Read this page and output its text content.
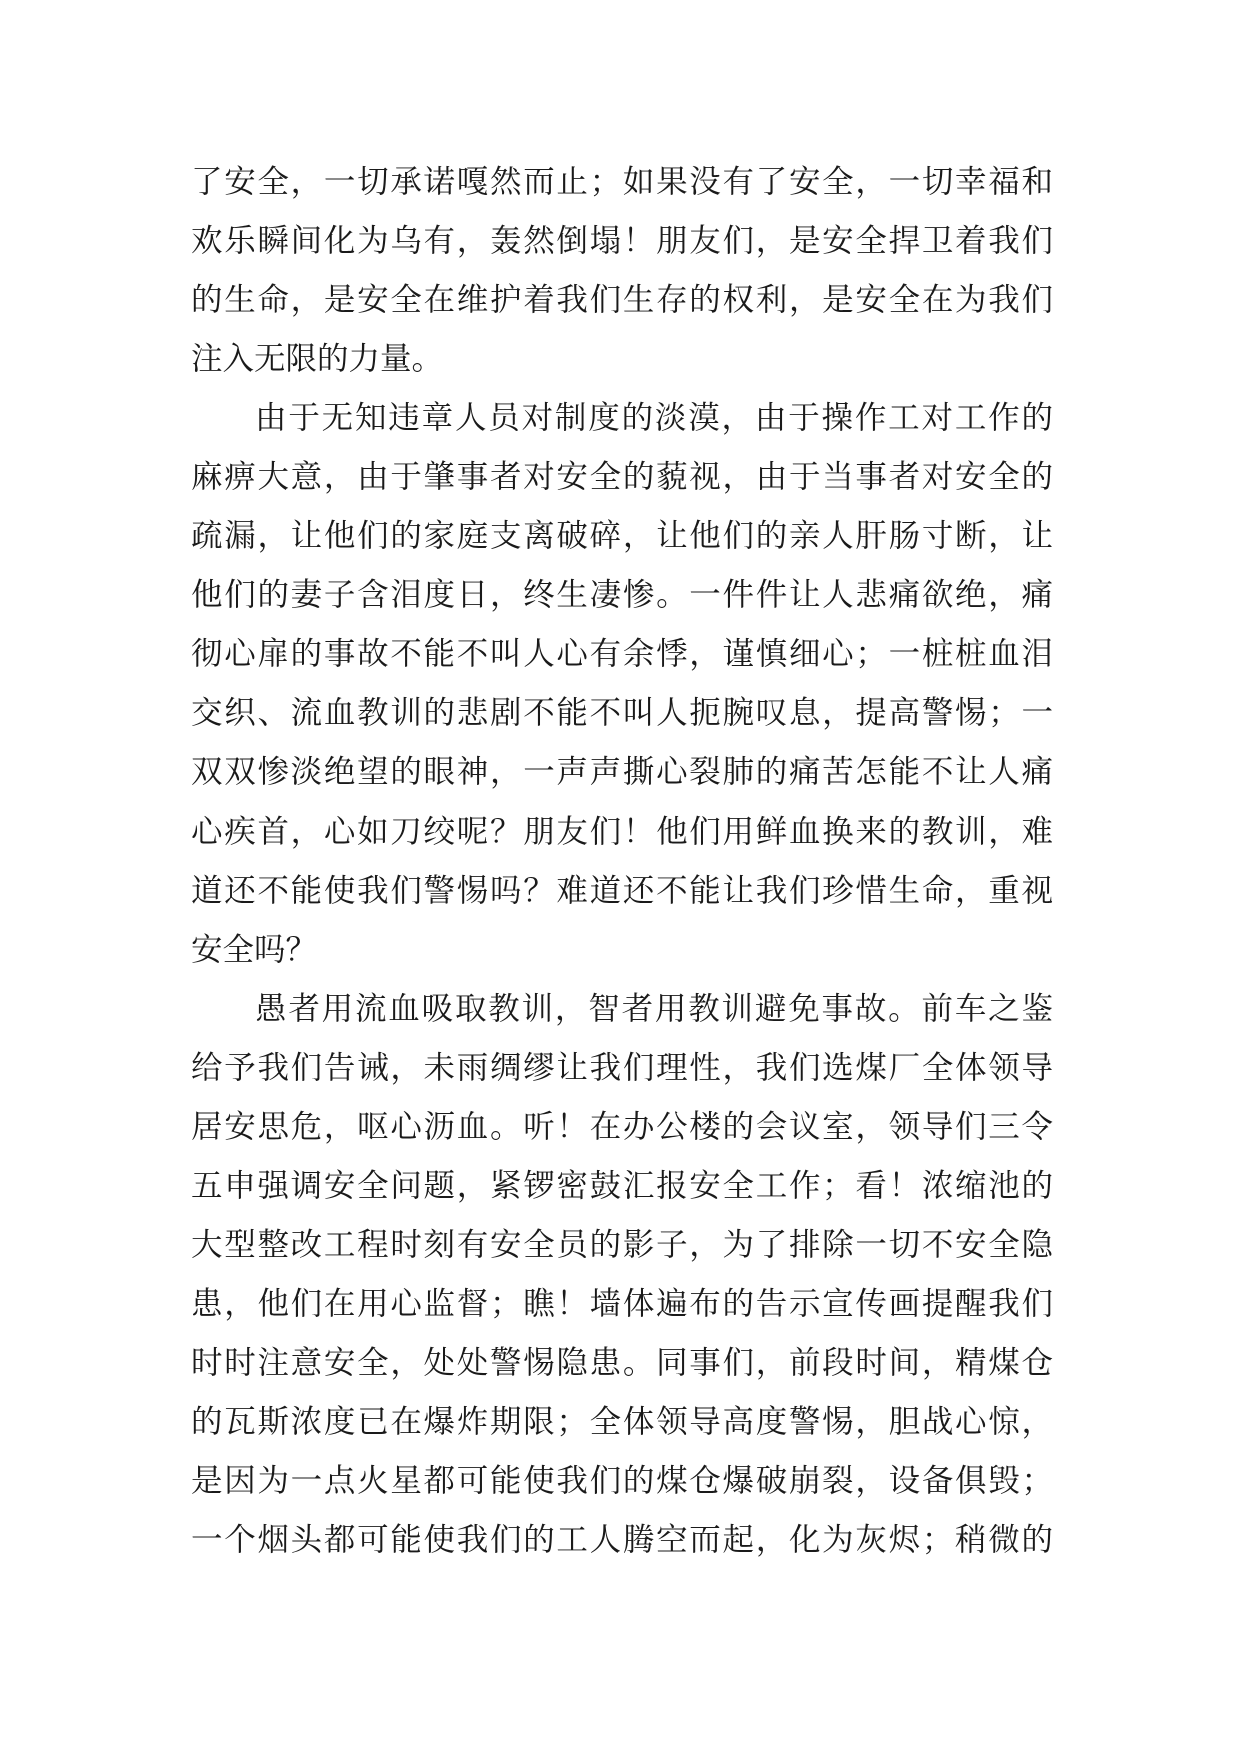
了安全，一切承诺嘎然而止；如果没有了安全，一切幸福和
欢乐瞬间化为乌有，轰然倒塌！朋友们，是安全捍卫着我们
的生命，是安全在维护着我们生存的权利，是安全在为我们
注入无限的力量。
由于无知违章人员对制度的淡漠，由于操作工对工作的
麻痹大意，由于肇事者对安全的藐视，由于当事者对安全的
疏漏，让他们的家庭支离破碎，让他们的亲人肝肠寸断，让
他们的妻子含泪度日，终生凄惨。一件件让人悲痛欲绝，痛
彻心扉的事故不能不叫人心有余悸，谨慎细心；一桩桩血泪
交织、流血教训的悲剧不能不叫人扼腕叹息，提高警惕；一
双双惨淡绝望的眼神，一声声撕心裂肺的痛苦怎能不让人痛
心疾首，心如刀绞呢？朋友们！他们用鲜血换来的教训，难
道还不能使我们警惕吗？难道还不能让我们珍惜生命，重视
安全吗？
愚者用流血吸取教训，智者用教训避免事故。前车之鉴
给予我们告诫，未雨绸缪让我们理性，我们选煤厂全体领导
居安思危，呕心沥血。听！在办公楼的会议室，领导们三令
五申强调安全问题，紧锣密鼓汇报安全工作；看！浓缩池的
大型整改工程时刻有安全员的影子，为了排除一切不安全隐
患，他们在用心监督；瞧！墙体遍布的告示宣传画提醒我们
时时注意安全，处处警惕隐患。同事们，前段时间，精煤仓
的瓦斯浓度已在爆炸期限；全体领导高度警惕，胆战心惊，
是因为一点火星都可能使我们的煤仓爆破崩裂，设备俱毁；
一个烟头都可能使我们的工人腾空而起，化为灰烬；稍微的
